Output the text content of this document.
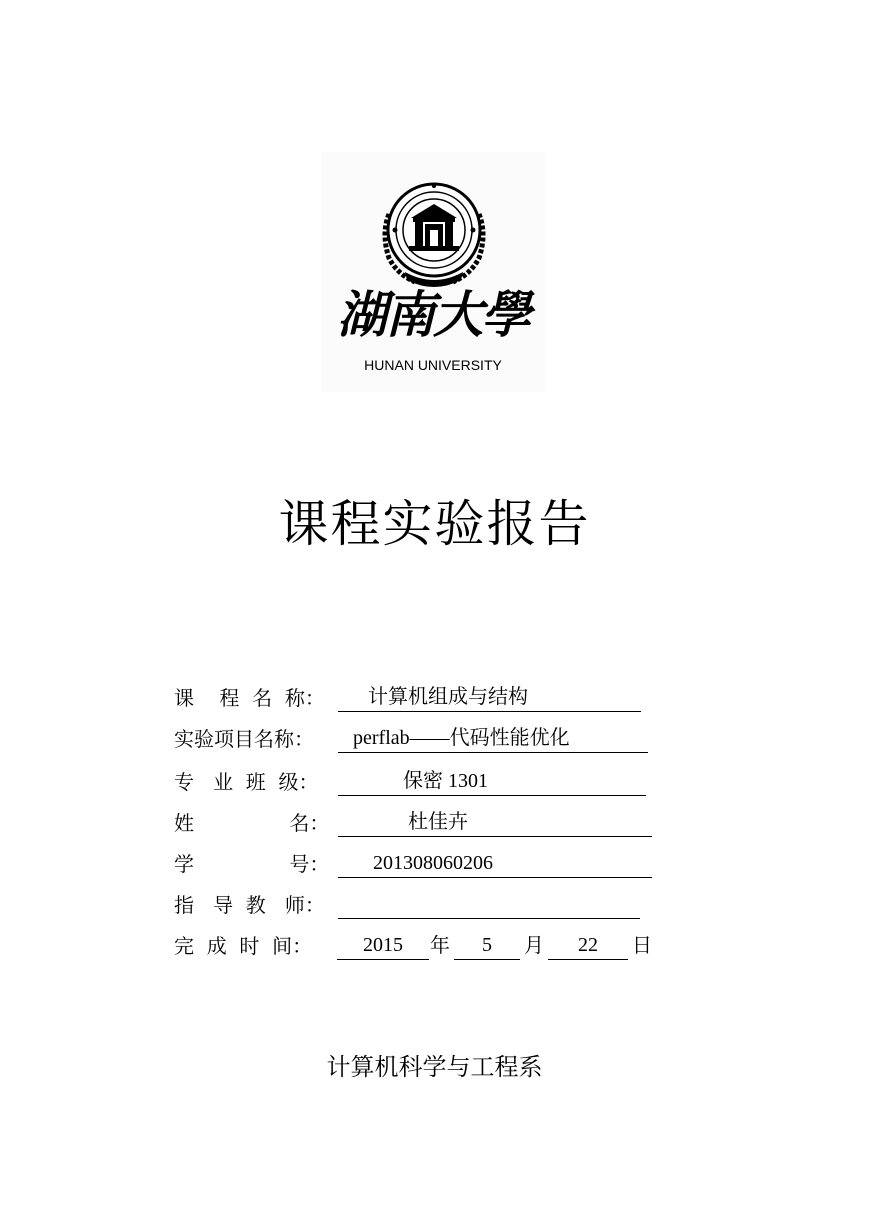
湖南大學
HUNAN UNIVERSITY
课程实验报告
课    程  名  称： 计算机组成与结构
实验项目名称： perflab——代码性能优化
专   业  班  级： 保密 1301
姓               名： 杜佳卉
学               号： 201308060206
指   导  教   师：
完  成  时  间：	2015	年	5	月	22	日
计算机科学与工程系
